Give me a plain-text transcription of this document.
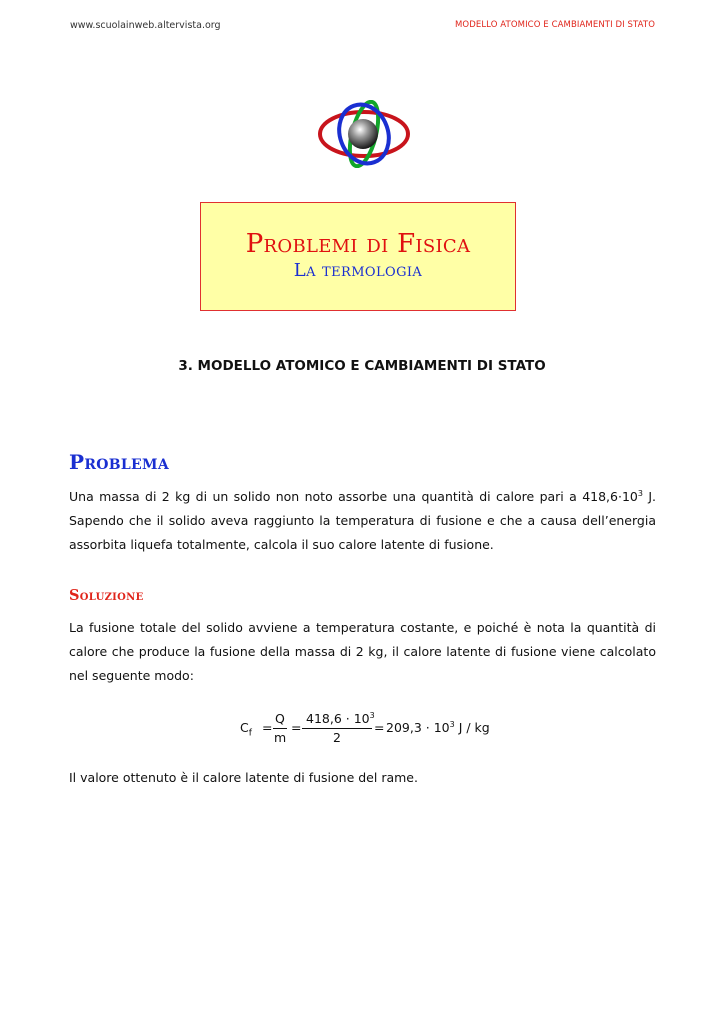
www.scuolainweb.altervista.org	MODELLO ATOMICO E CAMBIAMENTI DI STATO
Problemi di Fisica
La termologia
3. MODELLO ATOMICO E CAMBIAMENTI DI STATO
Problema
Una massa di 2 kg di un solido non noto assorbe una quantità di calore pari a $418,6\cdot 10^3$ J. Sapendo che il solido aveva raggiunto la temperatura di fusione e che a causa dell’energia assorbita liquefa totalmente, calcola il suo calore latente di fusione.
Soluzione
La fusione totale del solido avviene a temperatura costante, e poiché è nota la quantità di calore che produce la fusione della massa di 2 kg, il calore latente di fusione viene calcolato nel seguente modo:
$C_f$ =
Q
m
=
$418,6 \cdot 10^3$
2
= $209,3 \cdot 10^3$ J / kg
Il valore ottenuto è il calore latente di fusione del rame.
